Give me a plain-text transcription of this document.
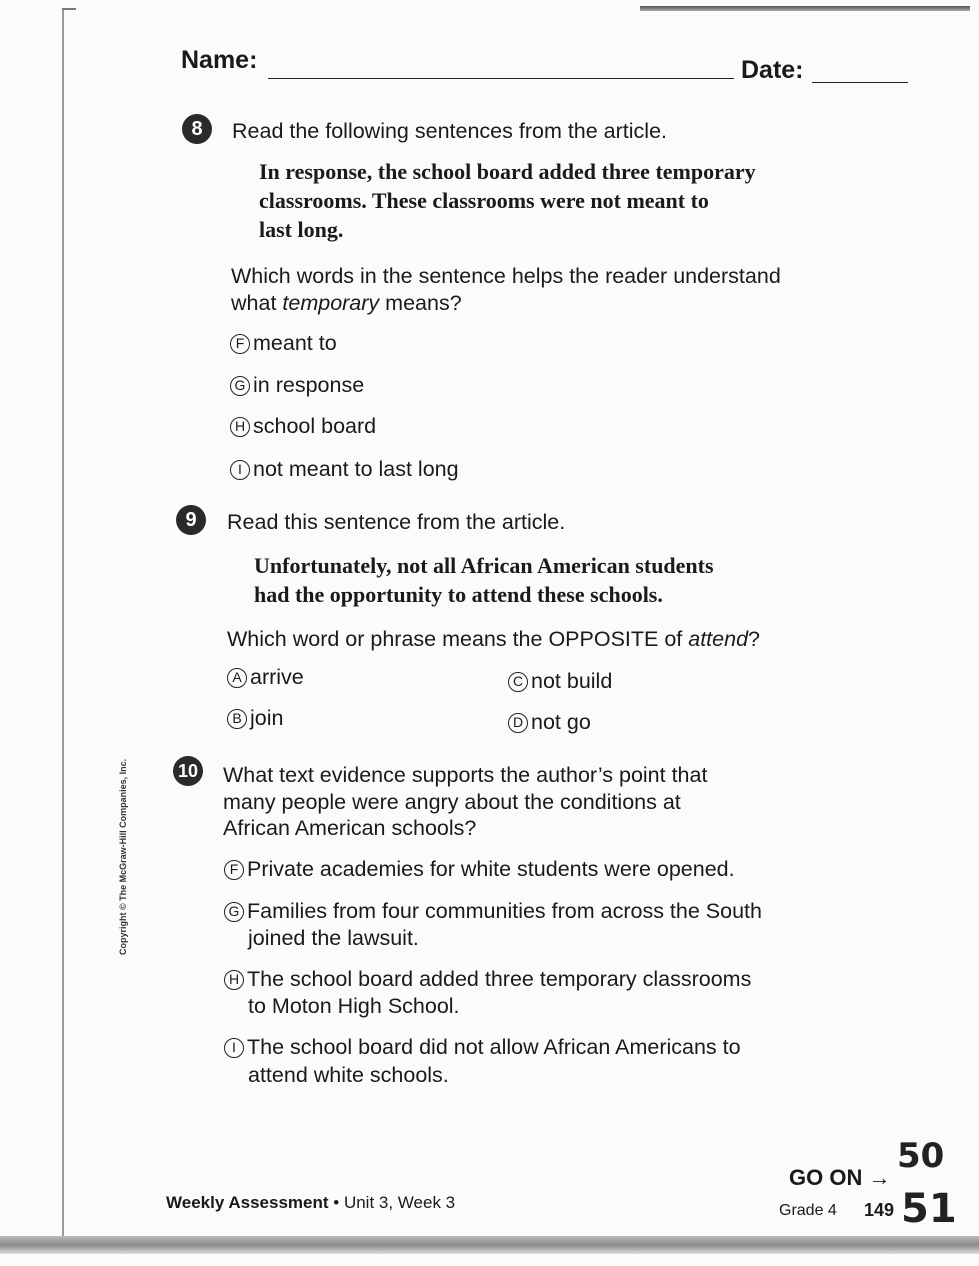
Name:	Date:
8	Read the following sentences from the article.
In response, the school board added three temporary
classrooms. These classrooms were not meant to
last long.
Which words in the sentence helps the reader understand
what temporary means?
F meant to
G in response
H school board
I not meant to last long
9	Read this sentence from the article.
Unfortunately, not all African American students
had the opportunity to attend these schools.
Which word or phrase means the OPPOSITE of attend?
A arrive
B join
C not build
D not go
10 What text evidence supports the author’s point that
many people were angry about the conditions at
African American schools?
F Private academies for white students were opened.
G Families from four communities from across the South
joined the lawsuit.
H The school board added three temporary classrooms
to Moton High School.
I The school board did not allow African Americans to
attend white schools.
Copyright © The McGraw-Hill Companies, Inc.
Weekly Assessment • Unit 3, Week 3
GO ON →
50
Grade 4 149 51
